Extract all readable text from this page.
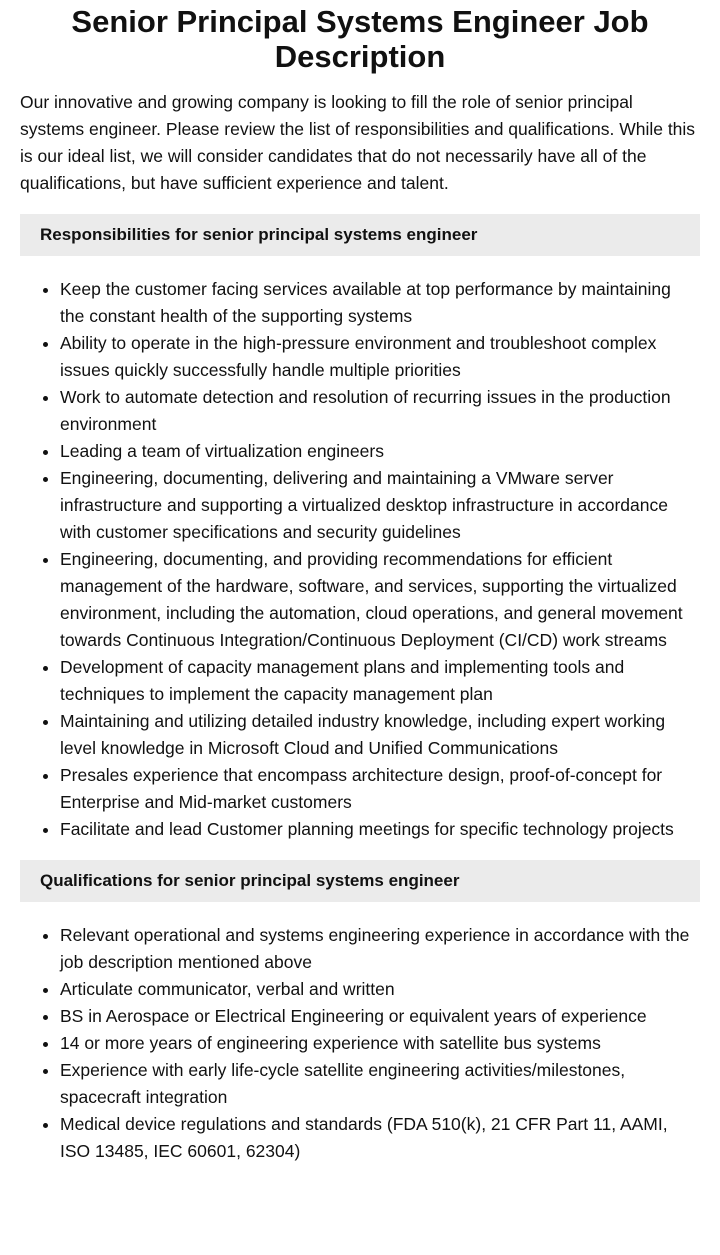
Senior Principal Systems Engineer Job Description

Our innovative and growing company is looking to fill the role of senior principal systems engineer. Please review the list of responsibilities and qualifications. While this is our ideal list, we will consider candidates that do not necessarily have all of the qualifications, but have sufficient experience and talent.

Responsibilities for senior principal systems engineer
• Keep the customer facing services available at top performance by maintaining the constant health of the supporting systems
• Ability to operate in the high-pressure environment and troubleshoot complex issues quickly successfully handle multiple priorities
• Work to automate detection and resolution of recurring issues in the production environment
• Leading a team of virtualization engineers
• Engineering, documenting, delivering and maintaining a VMware server infrastructure and supporting a virtualized desktop infrastructure in accordance with customer specifications and security guidelines
• Engineering, documenting, and providing recommendations for efficient management of the hardware, software, and services, supporting the virtualized environment, including the automation, cloud operations, and general movement towards Continuous Integration/Continuous Deployment (CI/CD) work streams
• Development of capacity management plans and implementing tools and techniques to implement the capacity management plan
• Maintaining and utilizing detailed industry knowledge, including expert working level knowledge in Microsoft Cloud and Unified Communications
• Presales experience that encompass architecture design, proof-of-concept for Enterprise and Mid-market customers
• Facilitate and lead Customer planning meetings for specific technology projects
Qualifications for senior principal systems engineer
• Relevant operational and systems engineering experience in accordance with the job description mentioned above
• Articulate communicator, verbal and written
• BS in Aerospace or Electrical Engineering or equivalent years of experience
• 14 or more years of engineering experience with satellite bus systems
• Experience with early life-cycle satellite engineering activities/milestones, spacecraft integration
• Medical device regulations and standards (FDA 510(k), 21 CFR Part 11, AAMI, ISO 13485, IEC 60601, 62304)
